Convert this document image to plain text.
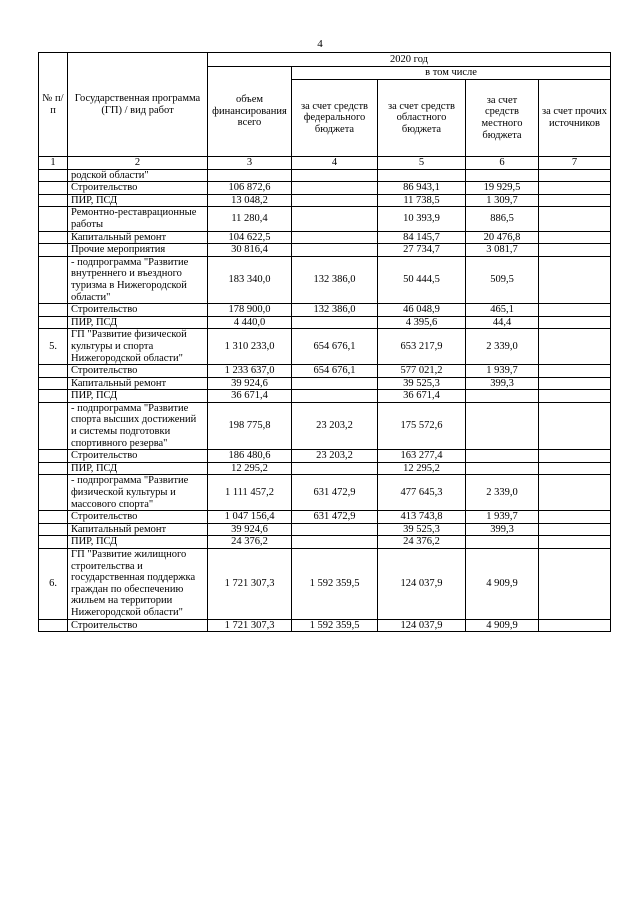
4
№ п/п	Государственная программа (ГП) / вид работ	2020 год				
		объем финансирования всего	в том числе			
			за счет средств федерального бюджета	за счет средств областного бюджета	за счет средств местного бюджета	за счет прочих источников
1	2	3	4	5	6	7
	родской области"					
	Строительство	106 872,6		86 943,1	19 929,5	
	ПИР, ПСД	13 048,2		11 738,5	1 309,7	
	Ремонтно-реставрационные работы	11 280,4		10 393,9	886,5	
	Капитальный ремонт	104 622,5		84 145,7	20 476,8	
	Прочие мероприятия	30 816,4		27 734,7	3 081,7	
	- подпрограмма "Развитие внутреннего и въездного туризма в Нижегородской области"	183 340,0	132 386,0	50 444,5	509,5	
	Строительство	178 900,0	132 386,0	46 048,9	465,1	
	ПИР, ПСД	4 440,0		4 395,6	44,4	
5.	ГП "Развитие физической культуры и спорта Нижегородской области"	1 310 233,0	654 676,1	653 217,9	2 339,0	
	Строительство	1 233 637,0	654 676,1	577 021,2	1 939,7	
	Капитальный ремонт	39 924,6		39 525,3	399,3	
	ПИР, ПСД	36 671,4		36 671,4		
	- подпрограмма "Развитие спорта высших достижений и системы подготовки спортивного резерва"	198 775,8	23 203,2	175 572,6		
	Строительство	186 480,6	23 203,2	163 277,4		
	ПИР, ПСД	12 295,2		12 295,2		
	- подпрограмма "Развитие физической культуры и массового спорта"	1 111 457,2	631 472,9	477 645,3	2 339,0	
	Строительство	1 047 156,4	631 472,9	413 743,8	1 939,7	
	Капитальный ремонт	39 924,6		39 525,3	399,3	
	ПИР, ПСД	24 376,2		24 376,2		
6.	ГП "Развитие жилищного строительства и государственная поддержка граждан по обеспечению жильем на территории Нижегородской области"	1 721 307,3	1 592 359,5	124 037,9	4 909,9	
	Строительство	1 721 307,3	1 592 359,5	124 037,9	4 909,9	
